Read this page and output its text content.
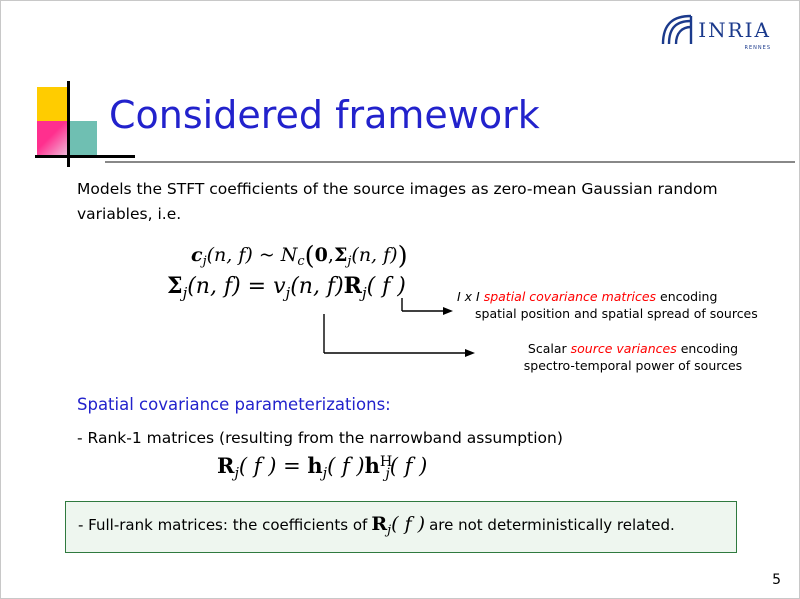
INRIA
RENNES
Considered framework
Models the STFT coefficients of the source images as zero-mean Gaussian random variables, i.e.
$c_j(n$, f) ~ $N_c(0,\Sigma_j(n$, f))
$\Sigma_j(n$, $f) = v_j(n$, $f)R_j$( f )	I x I spatial covariance matrices encoding
spatial position and spatial spread of sources
Scalar source variances encoding
spectro-temporal power of sources
Spatial covariance parameterizations:
- Rank-1 matrices (resulting from the narrowband assumption)
$R_j$( f ) = $h_j$( f )$h^H_j$( f )
- Full-rank matrices: the coefficients of $R_j$( f ) are not deterministically related.
5
